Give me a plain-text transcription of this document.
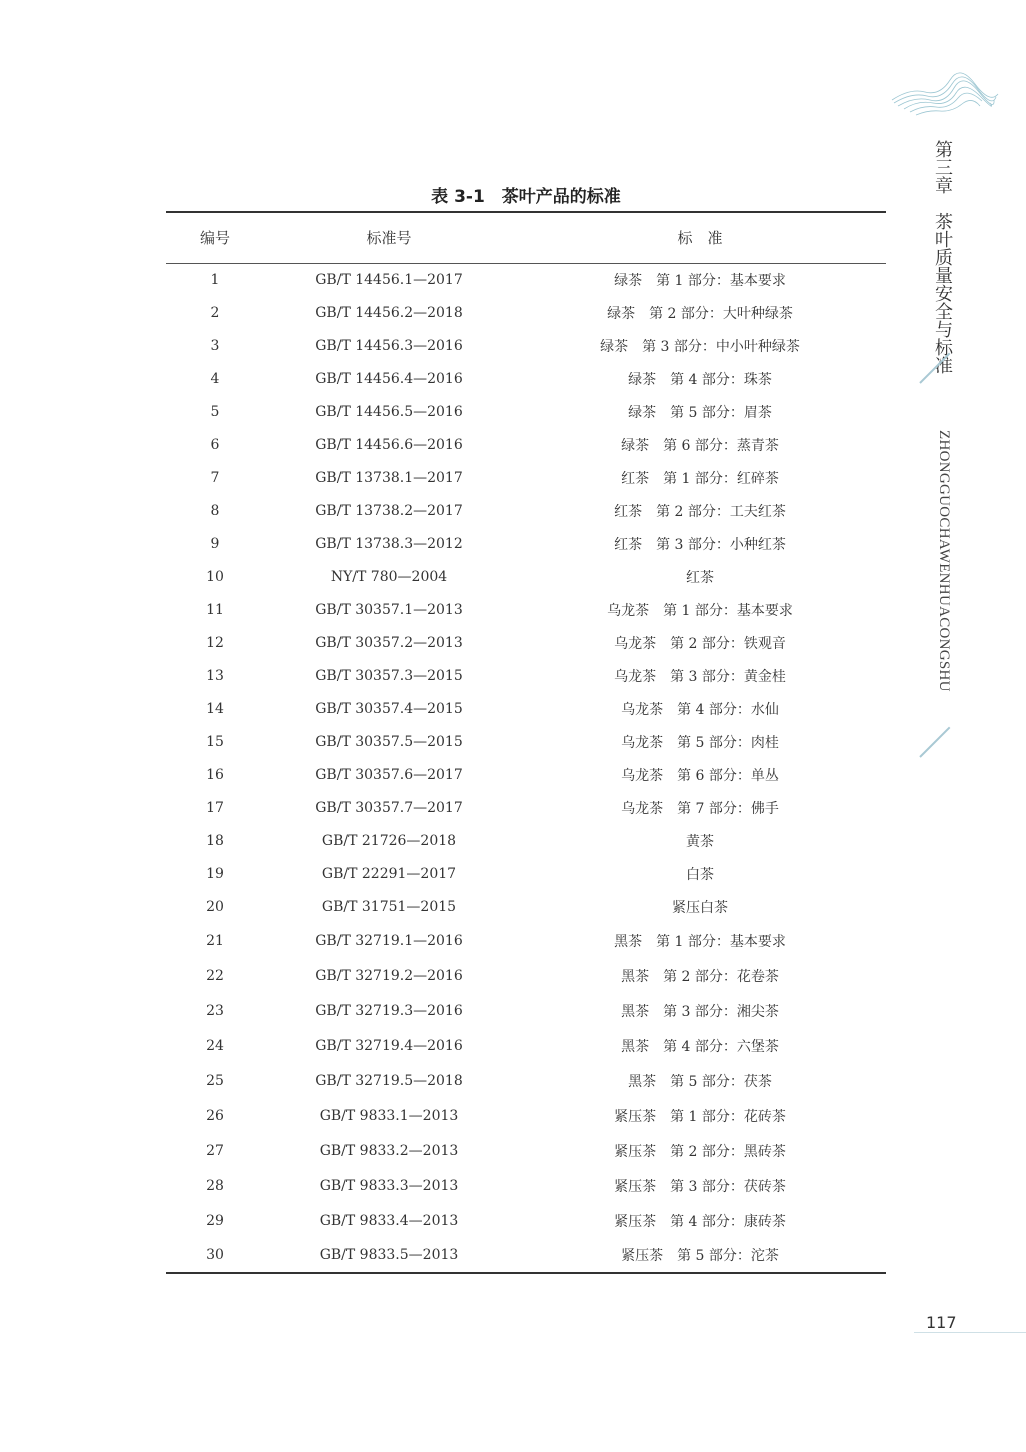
第三章
茶叶质量安全与标准
ZHONGGUOCHAWENHUACONGSHU
表 3-1　茶叶产品的标准
编号	标准号	标　准
1	GB/T 14456.1—2017	绿茶　第 1 部分：基本要求
2	GB/T 14456.2—2018	绿茶　第 2 部分：大叶种绿茶
3	GB/T 14456.3—2016	绿茶　第 3 部分：中小叶种绿茶
4	GB/T 14456.4—2016	绿茶　第 4 部分：珠茶
5	GB/T 14456.5—2016	绿茶　第 5 部分：眉茶
6	GB/T 14456.6—2016	绿茶　第 6 部分：蒸青茶
7	GB/T 13738.1—2017	红茶　第 1 部分：红碎茶
8	GB/T 13738.2—2017	红茶　第 2 部分：工夫红茶
9	GB/T 13738.3—2012	红茶　第 3 部分：小种红茶
10	NY/T 780—2004	红茶
11	GB/T 30357.1—2013	乌龙茶　第 1 部分：基本要求
12	GB/T 30357.2—2013	乌龙茶　第 2 部分：铁观音
13	GB/T 30357.3—2015	乌龙茶　第 3 部分：黄金桂
14	GB/T 30357.4—2015	乌龙茶　第 4 部分：水仙
15	GB/T 30357.5—2015	乌龙茶　第 5 部分：肉桂
16	GB/T 30357.6—2017	乌龙茶　第 6 部分：单丛
17	GB/T 30357.7—2017	乌龙茶　第 7 部分：佛手
18	GB/T 21726—2018	黄茶
19	GB/T 22291—2017	白茶
20	GB/T 31751—2015	紧压白茶
21	GB/T 32719.1—2016	黑茶　第 1 部分：基本要求
22	GB/T 32719.2—2016	黑茶　第 2 部分：花卷茶
23	GB/T 32719.3—2016	黑茶　第 3 部分：湘尖茶
24	GB/T 32719.4—2016	黑茶　第 4 部分：六堡茶
25	GB/T 32719.5—2018	黑茶　第 5 部分：茯茶
26	GB/T 9833.1—2013	紧压茶　第 1 部分：花砖茶
27	GB/T 9833.2—2013	紧压茶　第 2 部分：黑砖茶
28	GB/T 9833.3—2013	紧压茶　第 3 部分：茯砖茶
29	GB/T 9833.4—2013	紧压茶　第 4 部分：康砖茶
30	GB/T 9833.5—2013	紧压茶　第 5 部分：沱茶
117
